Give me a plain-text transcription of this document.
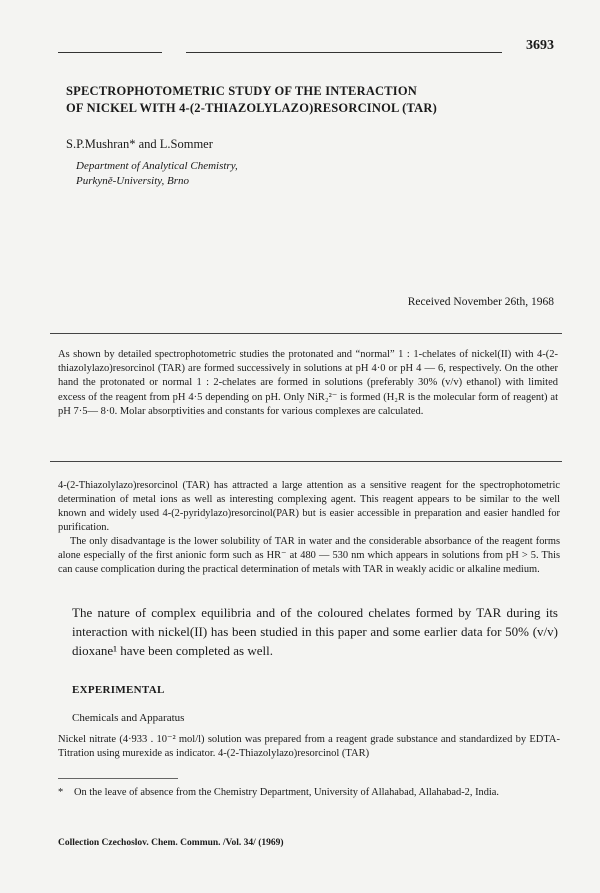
3693
SPECTROPHOTOMETRIC STUDY OF THE INTERACTION
OF NICKEL WITH 4-(2-THIAZOLYLAZO)RESORCINOL (TAR)
S.P.Mushran* and L.Sommer
Department of Analytical Chemistry,
Purkyně-University, Brno
Received November 26th, 1968
As shown by detailed spectrophotometric studies the protonated and “normal” 1 : 1-chelates of nickel(II) with 4-(2-thiazolylazo)resorcinol (TAR) are formed successively in solutions at pH 4·0 or pH 4 — 6, respectively. On the other hand the protonated or normal 1 : 2-chelates are formed in solutions (preferably 30% (v/v) ethanol) with limited excess of the reagent from pH 4·5 depending on pH. Only NiR₂²⁻ is formed (H₂R is the molecular form of reagent) at pH 7·5— 8·0. Molar absorptivities and constants for various complexes are calculated.

4-(2-Thiazolylazo)resorcinol (TAR) has attracted a large attention as a sensitive reagent for the spectrophotometric determination of metal ions as well as interesting complexing agent. This reagent appears to be similar to the well known and widely used 4-(2-pyridylazo)resorcinol(PAR) but is easier accessible in preparation and easier handled for purification.

The only disadvantage is the lower solubility of TAR in water and the considerable absorbance of the reagent forms alone especially of the first anionic form such as HR⁻ at 480 — 530 nm which appears in solutions from pH > 5. This can cause complication during the practical determination of metals with TAR in weakly acidic or alkaline medium.

The nature of complex equilibria and of the coloured chelates formed by TAR during its interaction with nickel(II) has been studied in this paper and some earlier data for 50% (v/v) dioxane¹ have been completed as well.
EXPERIMENTAL
Chemicals and Apparatus
Nickel nitrate (4·933 . 10⁻² mol/l) solution was prepared from a reagent grade substance and standardized by EDTA-Titration using murexide as indicator. 4-(2-Thiazolylazo)resorcinol (TAR)
* On the leave of absence from the Chemistry Department, University of Allahabad, Allahabad-2, India.
Collection Czechoslov. Chem. Commun. /Vol. 34/ (1969)
